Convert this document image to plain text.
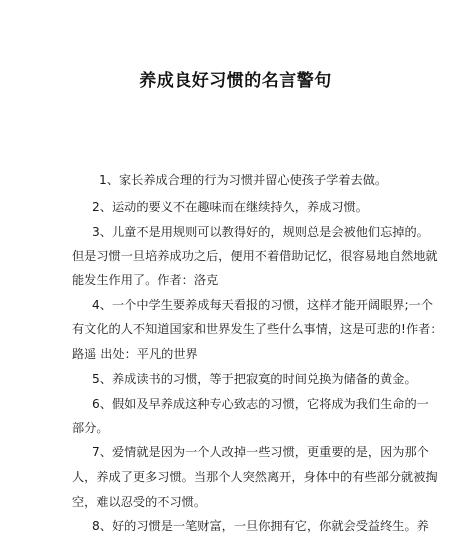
养成良好习惯的名言警句
1、家长养成合理的行为习惯并留心使孩子学着去做。
2、运动的要义不在趣味而在继续持久，养成习惯。
3、儿童不是用规则可以教得好的，规则总是会被他们忘掉的。
但是习惯一旦培养成功之后，便用不着借助记忆，很容易地自然地就
能发生作用了。作者：洛克
4、一个中学生要养成每天看报的习惯，这样才能开阔眼界;一个
有文化的人不知道国家和世界发生了些什么事情，这是可悲的!作者：
路遥 出处：平凡的世界
5、养成读书的习惯，等于把寂寞的时间兑换为储备的黄金。
6、假如及早养成这种专心致志的习惯，它将成为我们生命的一
部分。
7、爱情就是因为一个人改掉一些习惯，更重要的是，因为那个
人，养成了更多习惯。当那个人突然离开，身体中的有些部分就被掏
空，难以忍受的不习惯。
8、好的习惯是一笔财富，一旦你拥有它，你就会受益终生。养
